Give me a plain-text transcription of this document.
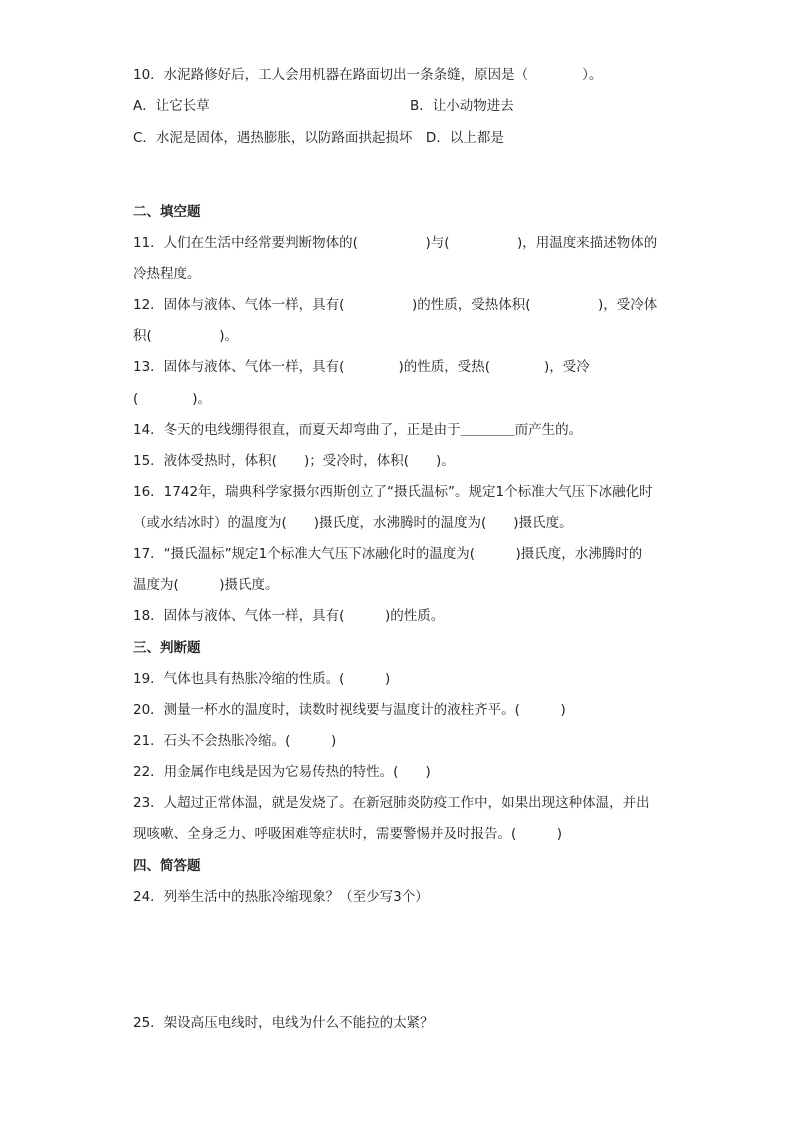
10．水泥路修好后，工人会用机器在路面切出一条条缝，原因是（　　　　）。
A．让它长草	B．让小动物进去
C．水泥是固体，遇热膨胀，以防路面拱起损坏　D．以上都是
二、填空题
11．人们在生活中经常要判断物体的(　　　　　)与(　　　　　)，用温度来描述物体的
冷热程度。
12．固体与液体、气体一样，具有(　　　　　)的性质，受热体积(　　　　　)，受冷体
积(　　　　　)。
13．固体与液体、气体一样，具有(　　　　)的性质，受热(　　　　)，受冷
(　　　　)。
14．冬天的电线绷得很直，而夏天却弯曲了，正是由于＿＿＿＿而产生的。
15．液体受热时，体积(　　)；受冷时，体积(　　)。
16．1742年，瑞典科学家摄尔西斯创立了“摄氏温标”。规定1个标准大气压下冰融化时
（或水结冰时）的温度为(　　)摄氏度，水沸腾时的温度为(　　)摄氏度。
17．“摄氏温标”规定1个标准大气压下冰融化时的温度为(　　　)摄氏度，水沸腾时的
温度为(　　　)摄氏度。
18．固体与液体、气体一样，具有(　　　)的性质。
三、判断题
19．气体也具有热胀冷缩的性质。(　　　)
20．测量一杯水的温度时，读数时视线要与温度计的液柱齐平。(　　　)
21．石头不会热胀冷缩。(　　　)
22．用金属作电线是因为它易传热的特性。(　　)
23．人超过正常体温，就是发烧了。在新冠肺炎防疫工作中，如果出现这种体温，并出
现咳嗽、全身乏力、呼吸困难等症状时，需要警惕并及时报告。(　　　)
四、简答题
24．列举生活中的热胀冷缩现象？（至少写3个）
25．架设高压电线时，电线为什么不能拉的太紧？
